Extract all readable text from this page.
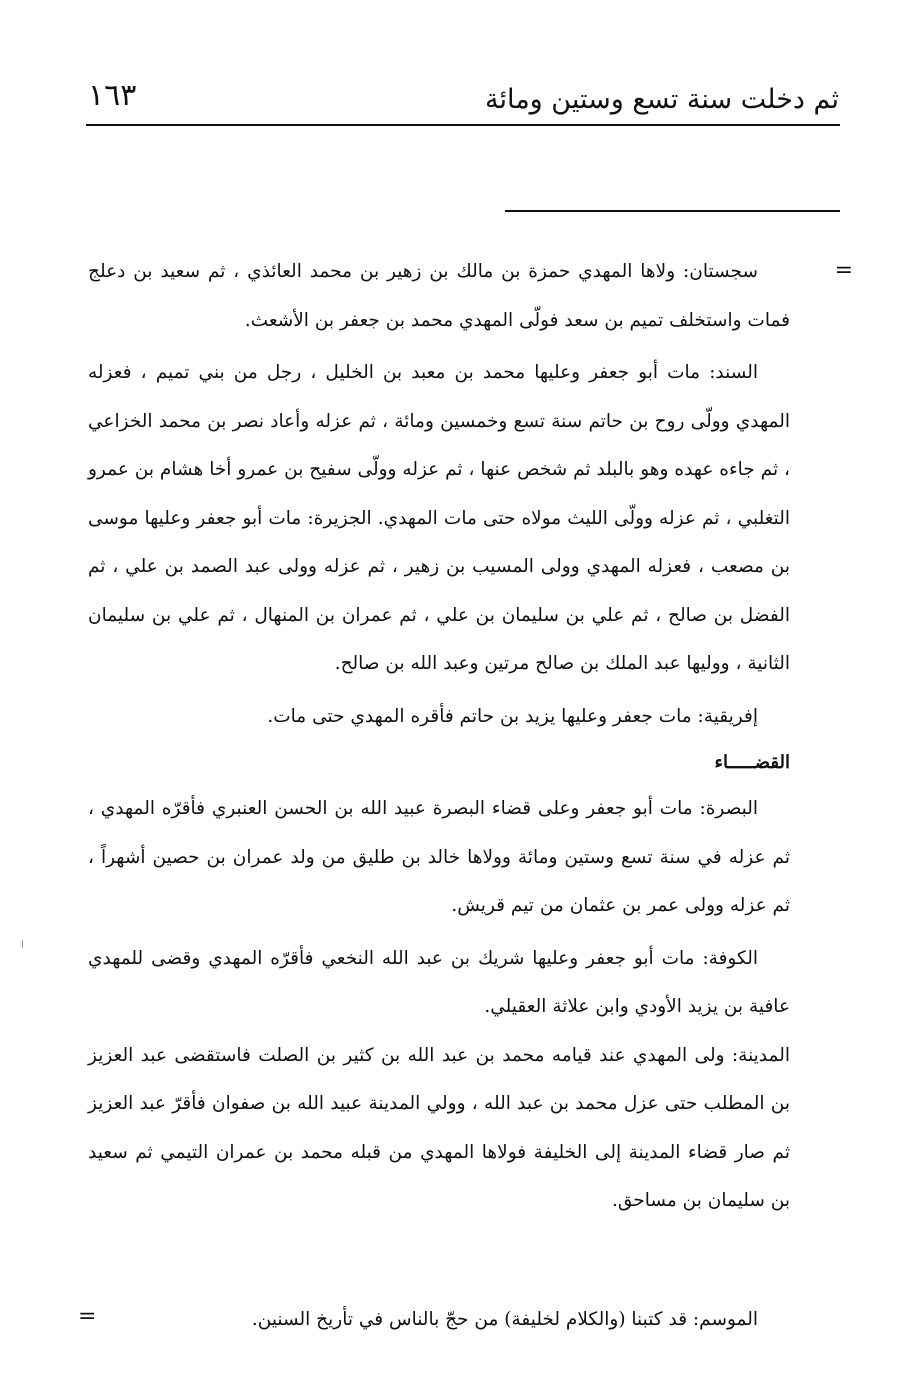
ثم دخلت سنة تسع وستين ومائة
١٦٣
=

سجستان: ولاها المهدي حمزة بن مالك بن زهير بن محمد العائذي ، ثم سعيد بن دعلج فمات واستخلف تميم بن سعد فولّى المهدي محمد بن جعفر بن الأشعث.

السند: مات أبو جعفر وعليها محمد بن معبد بن الخليل ، رجل من بني تميم ، فعزله المهدي وولّى روح بن حاتم سنة تسع وخمسين ومائة ، ثم عزله وأعاد نصر بن محمد الخزاعي ، ثم جاءه عهده وهو بالبلد ثم شخص عنها ، ثم عزله وولّى سفيح بن عمرو أخا هشام بن عمرو التغلبي ، ثم عزله وولّى الليث مولاه حتى مات المهدي. الجزيرة: مات أبو جعفر وعليها موسى بن مصعب ، فعزله المهدي وولى المسيب بن زهير ، ثم عزله وولى عبد الصمد بن علي ، ثم الفضل بن صالح ، ثم علي بن سليمان بن علي ، ثم عمران بن المنهال ، ثم علي بن سليمان الثانية ، ووليها عبد الملك بن صالح مرتين وعبد الله بن صالح.

إفريقية: مات جعفر وعليها يزيد بن حاتم فأقره المهدي حتى مات.

القضـــــاء

البصرة: مات أبو جعفر وعلى قضاء البصرة عبيد الله بن الحسن العنبري فأقرّه المهدي ، ثم عزله في سنة تسع وستين ومائة وولاها خالد بن طليق من ولد عمران بن حصين أشهراً ، ثم عزله وولى عمر بن عثمان من تيم قريش.

الكوفة: مات أبو جعفر وعليها شريك بن عبد الله النخعي فأقرّه المهدي وقضى للمهدي عافية بن يزيد الأودي وابن علاثة العقيلي.

المدينة: ولى المهدي عند قيامه محمد بن عبد الله بن كثير بن الصلت فاستقضى عبد العزيز بن المطلب حتى عزل محمد بن عبد الله ، وولي المدينة عبيد الله بن صفوان فأقرّ عبد العزيز ثم صار قضاء المدينة إلى الخليفة فولاها المهدي من قبله محمد بن عمران التيمي ثم سعيد بن سليمان بن مساحق.

الموسم: قد كتبنا (والكلام لخليفة) من حجّ بالناس في تأريخ السنين.
=
